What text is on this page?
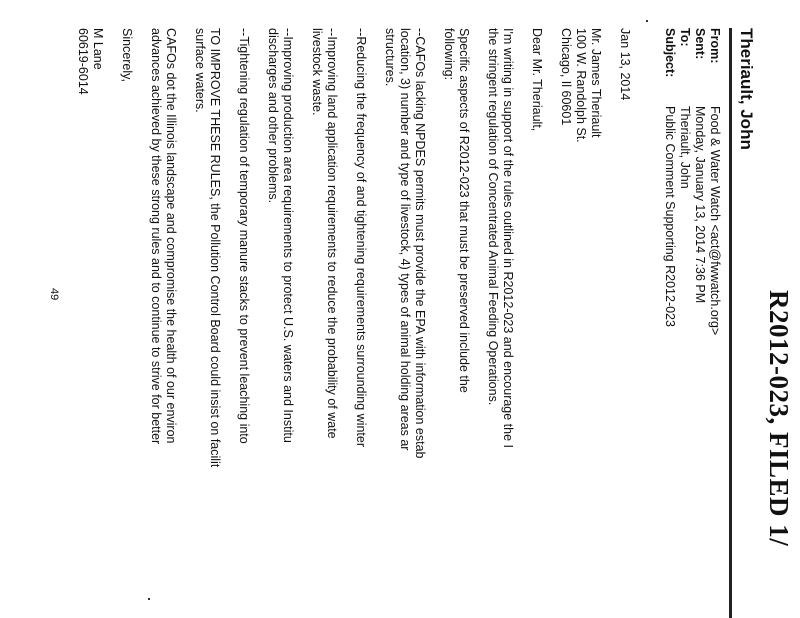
R2012-023, FILED 1/
Theriault, John
From:
Food & Water Watch <act@fwwatch.org>
Sent:
Monday, January 13, 2014 7:36 PM
To:
Theriault, John
Subject:
Public Comment Supporting R2012-023

Jan 13, 2014

Mr. James Theriault
100 W. Randolph St.
Chicago, Il 60601

Dear Mr. Theriault,

I'm writing in support of the rules outlined in R2012-023 and encourage the I
the stringent regulation of Concentrated Animal Feeding Operations.

Specific aspects of R2012-023 that must be preserved include the
following:

--CAFOs lacking NPDES permits must provide the EPA with information estab
location, 3) number and type of livestock, 4) types of animal holding areas ar
structures.

--Reducing the frequency of and tightening requirements surrounding winter

--Improving land application requirements to reduce the probability of wate
livestock waste.

--Improving production area requirements to protect U.S. waters and Institu
discharges and other problems.

--Tightening regulation of temporary manure stacks to prevent leaching into

TO IMPROVE THESE RULES, the Pollution Control Board could insist on facilit
surface waters.

CAFOs dot the Illinois landscape and compromise the health of our environ
advances achieved by these strong rules and to continue to strive for better

Sincerely,

M Lane

60619-6014

49
